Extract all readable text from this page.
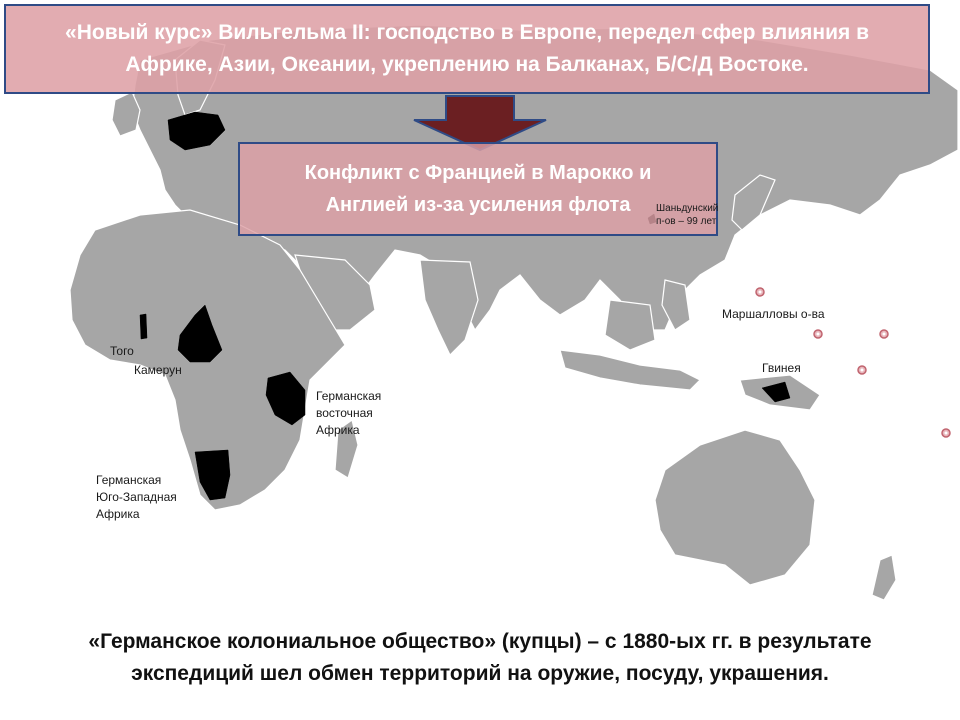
«Новый курс» Вильгельма II: господство в Европе, передел сфер влияния в
Африке, Азии, Океании, укреплению на Балканах, Б/С/Д Востоке.
Конфликт с Францией в Марокко и
Англией из-за усиления флота	Шаньдунский
п-ов – 99 лет
Маршалловы о-ва
Гвинея
Того
Камерун
Германская
восточная
Африка
Германская
Юго-Западная
Африка
«Германское колониальное общество» (купцы) – с 1880-ых гг. в результате
экспедиций шел обмен территорий на оружие, посуду, украшения.
